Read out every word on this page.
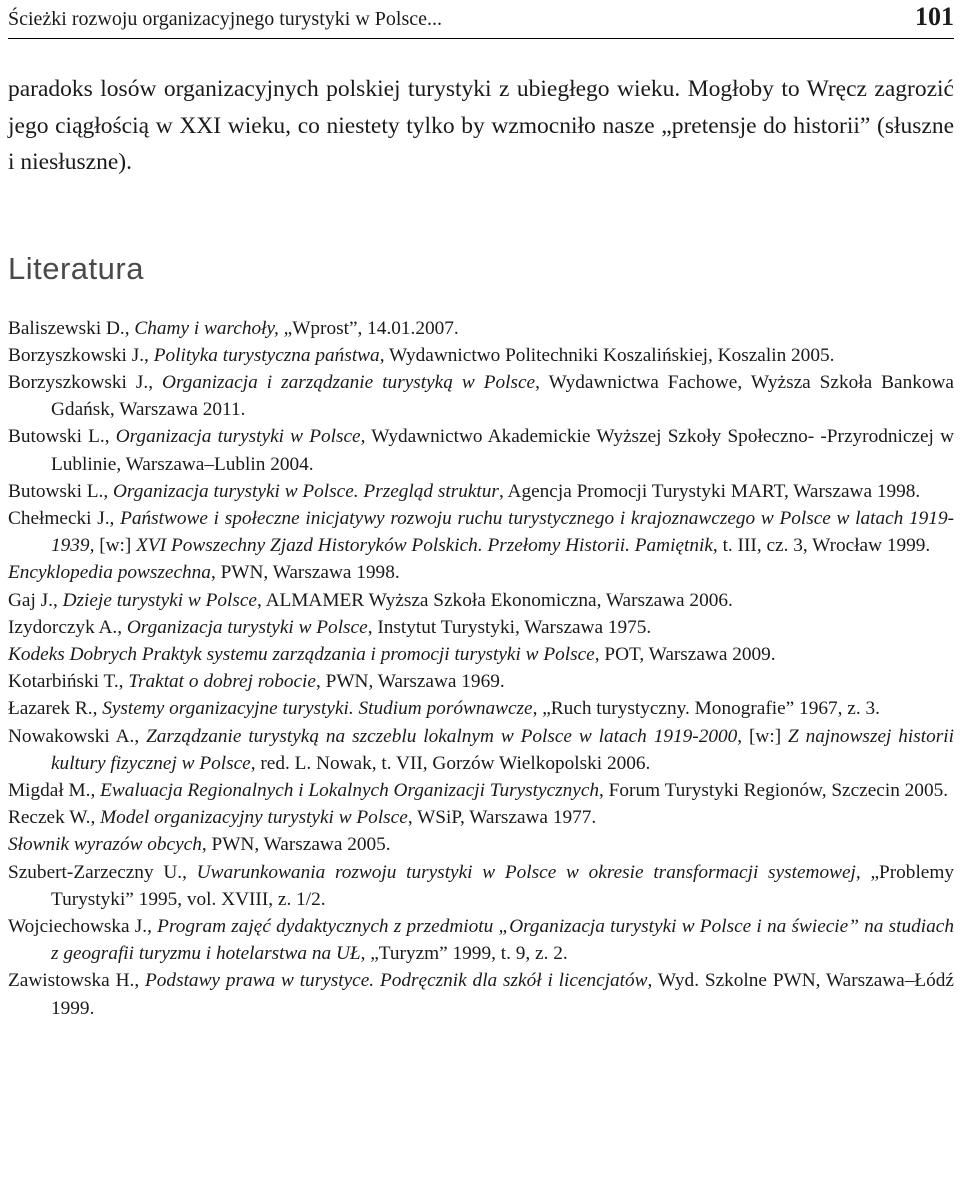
Ścieżki rozwoju organizacyjnego turystyki w Polsce...	101

paradoks losów organizacyjnych polskiej turystyki z ubiegłego wieku. Mogłoby to Wręcz zagrozić jego ciągłością w XXI wieku, co niestety tylko by wzmocniło nasze „pretensje do historii” (słuszne i niesłuszne).

Literatura

Baliszewski D., Chamy i warchoły, „Wprost”, 14.01.2007.

Borzyszkowski J., Polityka turystyczna państwa, Wydawnictwo Politechniki Koszalińskiej, Koszalin 2005.

Borzyszkowski J., Organizacja i zarządzanie turystyką w Polsce, Wydawnictwa Fachowe, Wyższa Szkoła Bankowa Gdańsk, Warszawa 2011.

Butowski L., Organizacja turystyki w Polsce, Wydawnictwo Akademickie Wyższej Szkoły Społeczno- -Przyrodniczej w Lublinie, Warszawa–Lublin 2004.

Butowski L., Organizacja turystyki w Polsce. Przegląd struktur, Agencja Promocji Turystyki MART, Warszawa 1998.

Chełmecki J., Państwowe i społeczne inicjatywy rozwoju ruchu turystycznego i krajoznawczego w Polsce w latach 1919-1939, [w:] XVI Powszechny Zjazd Historyków Polskich. Przełomy Historii. Pamiętnik, t. III, cz. 3, Wrocław 1999.

Encyklopedia powszechna, PWN, Warszawa 1998.

Gaj J., Dzieje turystyki w Polsce, ALMAMER Wyższa Szkoła Ekonomiczna, Warszawa 2006.

Izydorczyk A., Organizacja turystyki w Polsce, Instytut Turystyki, Warszawa 1975.

Kodeks Dobrych Praktyk systemu zarządzania i promocji turystyki w Polsce, POT, Warszawa 2009.

Kotarbiński T., Traktat o dobrej robocie, PWN, Warszawa 1969.

Łazarek R., Systemy organizacyjne turystyki. Studium porównawcze, „Ruch turystyczny. Monografie” 1967, z. 3.

Nowakowski A., Zarządzanie turystyką na szczeblu lokalnym w Polsce w latach 1919-2000, [w:] Z najnowszej historii kultury fizycznej w Polsce, red. L. Nowak, t. VII, Gorzów Wielkopolski 2006.

Migdał M., Ewaluacja Regionalnych i Lokalnych Organizacji Turystycznych, Forum Turystyki Regionów, Szczecin 2005.

Reczek W., Model organizacyjny turystyki w Polsce, WSiP, Warszawa 1977.

Słownik wyrazów obcych, PWN, Warszawa 2005.

Szubert-Zarzeczny U., Uwarunkowania rozwoju turystyki w Polsce w okresie transformacji systemowej, „Problemy Turystyki” 1995, vol. XVIII, z. 1/2.

Wojciechowska J., Program zajęć dydaktycznych z przedmiotu „Organizacja turystyki w Polsce i na świecie” na studiach z geografii turyzmu i hotelarstwa na UŁ, „Turyzm” 1999, t. 9, z. 2.

Zawistowska H., Podstawy prawa w turystyce. Podręcznik dla szkół i licencjatów, Wyd. Szkolne PWN, Warszawa–Łódź 1999.
